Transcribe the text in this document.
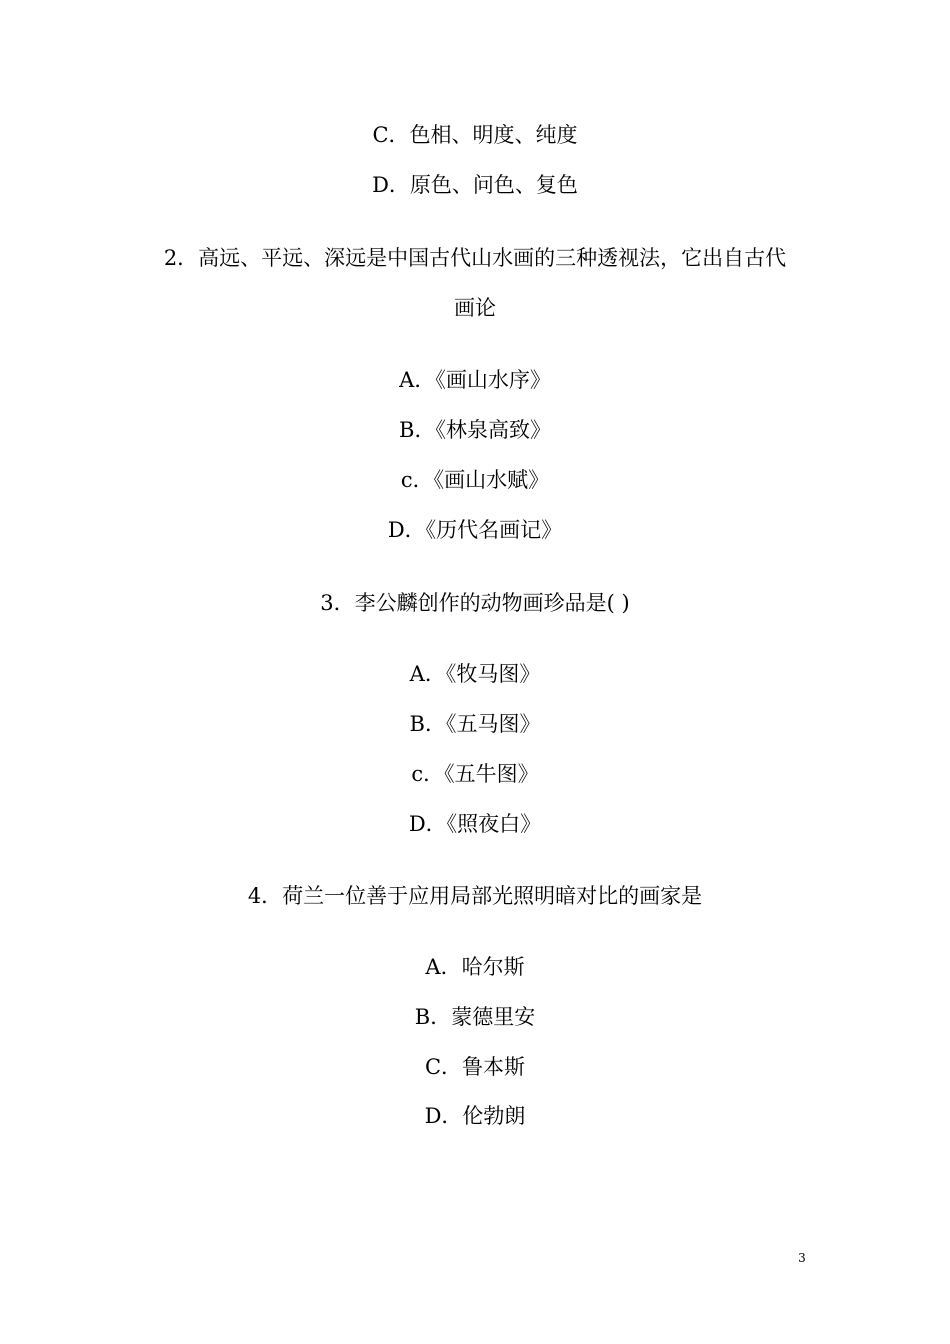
C．色相、明度、纯度
D．原色、问色、复色
2．高远、平远、深远是中国古代山水画的三种透视法，它出自古代
画论
A．《画山水序》
B．《林泉高致》
c．《画山水赋》
D．《历代名画记》
3．李公麟创作的动物画珍品是( )
A．《牧马图》
B．《五马图》
c．《五牛图》
D．《照夜白》
4．荷兰一位善于应用局部光照明暗对比的画家是
A．哈尔斯
B．蒙德里安
C．鲁本斯
D．伦勃朗
3
